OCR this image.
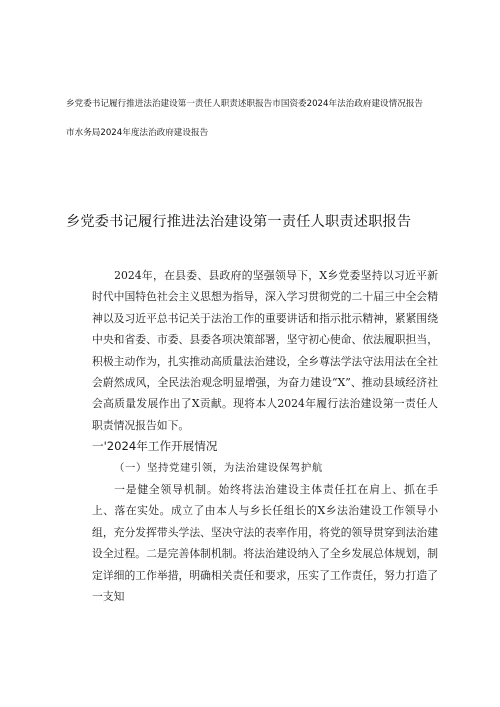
乡党委书记履行推进法治建设第一责任人职责述职报告市国资委2024年法治政府建设情况报告

市水务局2024年度法治政府建设报告

乡党委书记履行推进法治建设第一责任人职责述职报告

2024年，在县委、县政府的坚强领导下，X乡党委坚持以习近平新时代中国特色社会主义思想为指导，深入学习贯彻党的二十届三中全会精神以及习近平总书记关于法治工作的重要讲话和指示批示精神，紧紧围绕中央和省委、市委、县委各项决策部署，坚守初心使命、依法履职担当，积极主动作为，扎实推动高质量法治建设，全乡尊法学法守法用法在全社会蔚然成风，全民法治观念明显增强，为奋力建设“X”、推动县域经济社会高质量发展作出了X贡献。现将本人2024年履行法治建设第一责任人职责情况报告如下。

一'2024年工作开展情况

（一）坚持党建引领，为法治建设保驾护航

一是健全领导机制。始终将法治建设主体责任扛在肩上、抓在手上、落在实处。成立了由本人与乡长任组长的X乡法治建设工作领导小组，充分发挥带头学法、坚决守法的表率作用，将党的领导贯穿到法治建设全过程。二是完善体制机制。将法治建设纳入了全乡发展总体规划，制定详细的工作举措，明确相关责任和要求，压实了工作责任，努力打造了一支知
